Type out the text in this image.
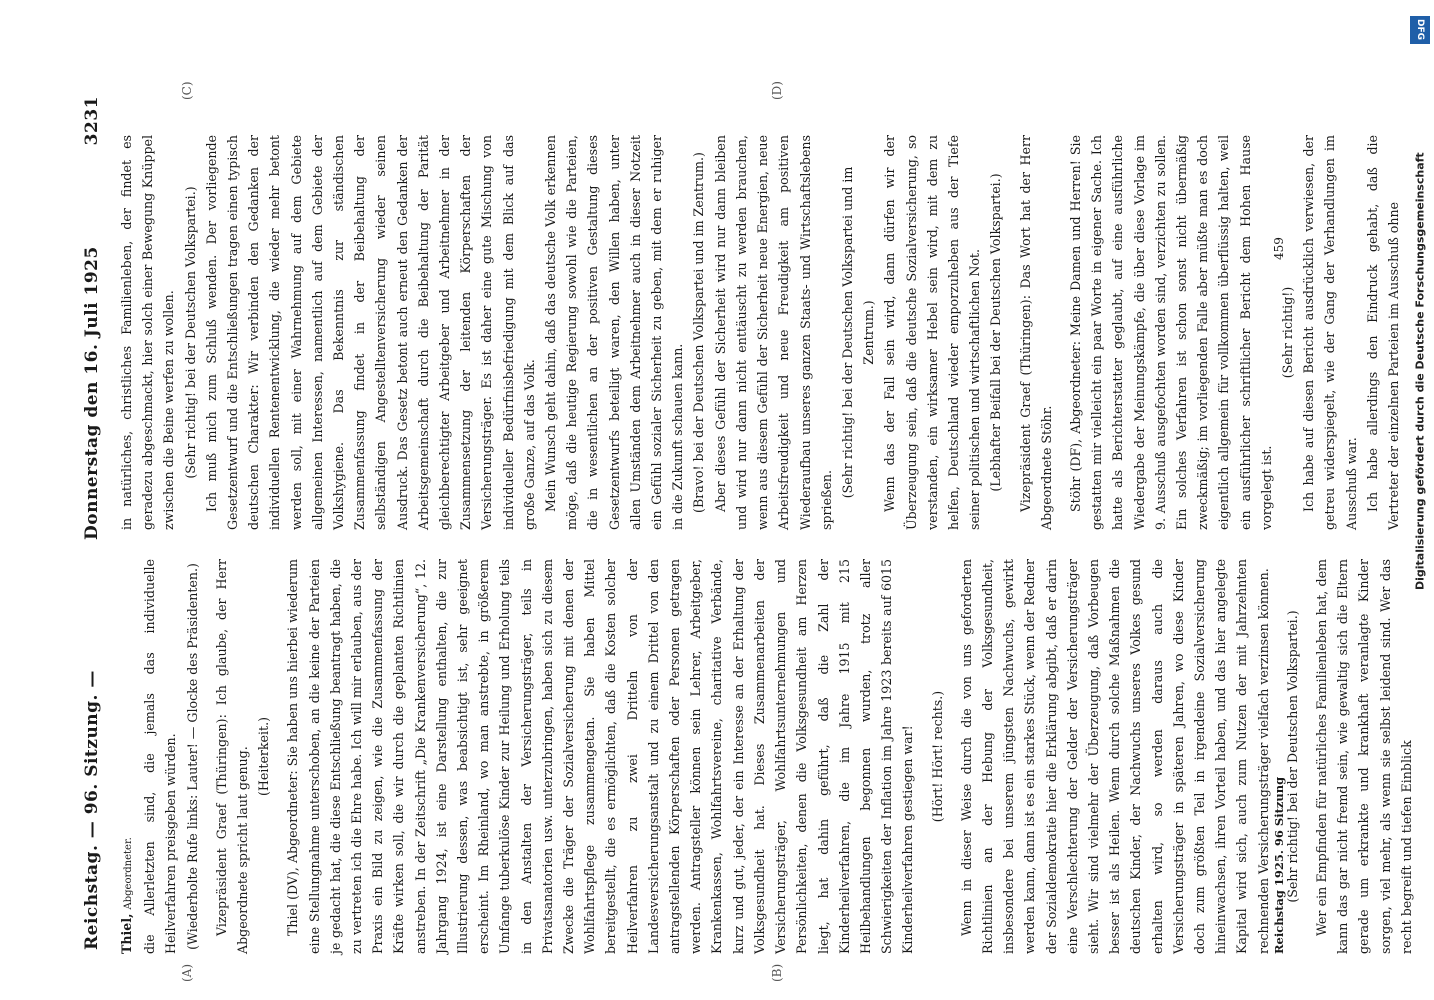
Reichstag. — 96. Sitzung. —
Donnerstag den 16. Juli 1925
3231

Thiel, Abgeordneter. die Allerletzten sind, die jemals das individuelle Heilverfahren preisgeben würden. (Wiederholte Rufe links: Lauter! — Glocke des Präsidenten.) Vizepräsident Graef (Thüringen): Ich glaube, der Herr Abgeordnete spricht laut genug. (Heiterkeit.) Thiel (DV), Abgeordneter: Sie haben uns hierbei wiederum eine Stellungnahme unterschoben, an die keine der Parteien je gedacht hat, die diese Entschließung beantragt haben, die zu vertreten ich die Ehre habe. Ich will mir erlauben, aus der Praxis ein Bild zu zeigen, wie die Zusammenfassung der Kräfte wirken soll, die wir durch die geplanten Richtlinien anstreben. In der Zeitschrift „Die Krankenversicherung“, 12. Jahrgang 1924, ist eine Darstellung enthalten, die zur Illustrierung dessen, was beabsichtigt ist, sehr geeignet erscheint. Im Rheinland, wo man anstrebte, in größerem Umfange tuberkulöse Kinder zur Heilung und Erholung teils in den Anstalten der Versicherungsträger, teils in Privatsanatorien usw. unterzubringen, haben sich zu diesem Zwecke die Träger der Sozialversicherung mit denen der Wohlfahrtspflege zusammengetan. Sie haben Mittel bereitgestellt, die es ermöglichten, daß die Kosten solcher Heilverfahren zu zwei Dritteln von der Landesversicherungsanstalt und zu einem Drittel von den antragstellenden Körperschaften oder Personen getragen werden. Antragsteller können sein Lehrer, Arbeitgeber, Krankenkassen, Wohlfahrtsvereine, charitative Verbände, kurz und gut, jeder, der ein Interesse an der Erhaltung der Volksgesundheit hat. Dieses Zusammenarbeiten der Versicherungsträger, Wohlfahrtsunternehmungen und Persönlichkeiten, denen die Volksgesundheit am Herzen liegt, hat dahin geführt, daß die Zahl der Kinderheilverfahren, die im Jahre 1915 mit 215 Heilbehandlungen begonnen wurden, trotz aller Schwierigkeiten der Inflation im Jahre 1923 bereits auf 6015 Kinderheilverfahren gestiegen war! (Hört! Hört! rechts.) Wenn in dieser Weise durch die von uns geforderten Richtlinien an der Hebung der Volksgesundheit, insbesondere bei unserem jüngsten Nachwuchs, gewirkt werden kann, dann ist es ein starkes Stück, wenn der Redner der Sozialdemokratie hier die Erklärung abgibt, daß er darin eine Verschlechterung der Gelder der Versicherungsträger sieht. Wir sind vielmehr der Überzeugung, daß Vorbeugen besser ist als Heilen. Wenn durch solche Maßnahmen die deutschen Kinder, der Nachwuchs unseres Volkes gesund erhalten wird, so werden daraus auch die Versicherungsträger in späteren Jahren, wo diese Kinder doch zum größten Teil in irgendeine Sozialversicherung hineinwachsen, ihren Vorteil haben, und das hier angelegte Kapital wird sich, auch zum Nutzen der mit Jahrzehnten rechnenden Versicherungsträger vielfach verzinsen können. (Sehr richtig! bei der Deutschen Volkspartei.) Wer ein Empfinden für natürliches Familienleben hat, dem kann das gar nicht fremd sein, wie gewaltig sich die Eltern gerade um erkrankte und krankhaft veranlagte Kinder sorgen, viel mehr, als wenn sie selbst leidend sind. Wer das recht begreift und tiefen Einblick

in natürliches, christliches Familienleben, der findet es geradezu abgeschmackt, hier solch einer Bewegung Knüppel zwischen die Beine werfen zu wollen. (Sehr richtig! bei der Deutschen Volkspartei.) Ich muß mich zum Schluß wenden. Der vorliegende Gesetzentwurf und die Entschließungen tragen einen typisch deutschen Charakter: Wir verbinden den Gedanken der individuellen Rentenentwicklung, die wieder mehr betont werden soll, mit einer Wahrnehmung auf dem Gebiete allgemeinen Interessen, namentlich auf dem Gebiete der Volkshygiene. Das Bekenntnis zur ständischen Zusammenfassung findet in der Beibehaltung der selbständigen Angestelltenversicherung wieder seinen Ausdruck. Das Gesetz betont auch erneut den Gedanken der Arbeitsgemeinschaft durch die Beibehaltung der Parität gleichberechtigter Arbeitgeber und Arbeitnehmer in der Zusammensetzung der leitenden Körperschaften der Versicherungsträger. Es ist daher eine gute Mischung von individueller Bedürfnisbefriedigung mit dem Blick auf das große Ganze, auf das Volk. Mein Wunsch geht dahin, daß das deutsche Volk erkennen möge, daß die heutige Regierung sowohl wie die Parteien, die in wesentlichen an der positiven Gestaltung dieses Gesetzentwurfs beteiligt waren, den Willen haben, unter allen Umständen dem Arbeitnehmer auch in dieser Notzeit ein Gefühl sozialer Sicherheit zu geben, mit dem er ruhiger in die Zukunft schauen kann. (Bravo! bei der Deutschen Volkspartei und im Zentrum.) Aber dieses Gefühl der Sicherheit wird nur dann bleiben und wird nur dann nicht enttäuscht zu werden brauchen, wenn aus diesem Gefühl der Sicherheit neue Energien, neue Arbeitsfreudigkeit und neue Freudigkeit am positiven Wiederaufbau unseres ganzen Staats- und Wirtschaftslebens sprießen.

(Sehr richtig! bei der Deutschen Volkspartei und im Zentrum.) Wenn das der Fall sein wird, dann dürfen wir der Überzeugung sein, daß die deutsche Sozialversicherung, so verstanden, ein wirksamer Hebel sein wird, mit dem zu helfen, Deutschland wieder emporzuheben aus der Tiefe seiner politischen und wirtschaftlichen Not. (Lebhafter Beifall bei der Deutschen Volkspartei.) Vizepräsident Graef (Thüringen): Das Wort hat der Herr Abgeordnete Stöhr. Stöhr (DF), Abgeordneter: Meine Damen und Herren! Sie gestatten mir vielleicht ein paar Worte in eigener Sache. Ich hatte als Berichterstatter geglaubt, auf eine ausführliche Wiedergabe der Meinungskämpfe, die über diese Vorlage im 9. Ausschuß ausgefochten worden sind, verzichten zu sollen. Ein solches Verfahren ist schon sonst nicht übermäßig zweckmäßig; im vorliegenden Falle aber müßte man es doch eigentlich allgemein für vollkommen überflüssig halten, weil ein ausführlicher schriftlicher Bericht dem Hohen Hause vorgelegt ist.

(Sehr richtig!) Ich habe auf diesen Bericht ausdrücklich verwiesen, der getreu widerspiegelt, wie der Gang der Verhandlungen im Ausschuß war. Ich habe allerdings den Eindruck gehabt, daß die Vertreter der einzelnen Parteien im Ausschuß ohne

(A)	(B)
(C)	(D)
Reichstag 1925. 96 Sitzung
459
DFG
Digitalisierung gefördert durch die Deutsche Forschungsgemeinschaft
